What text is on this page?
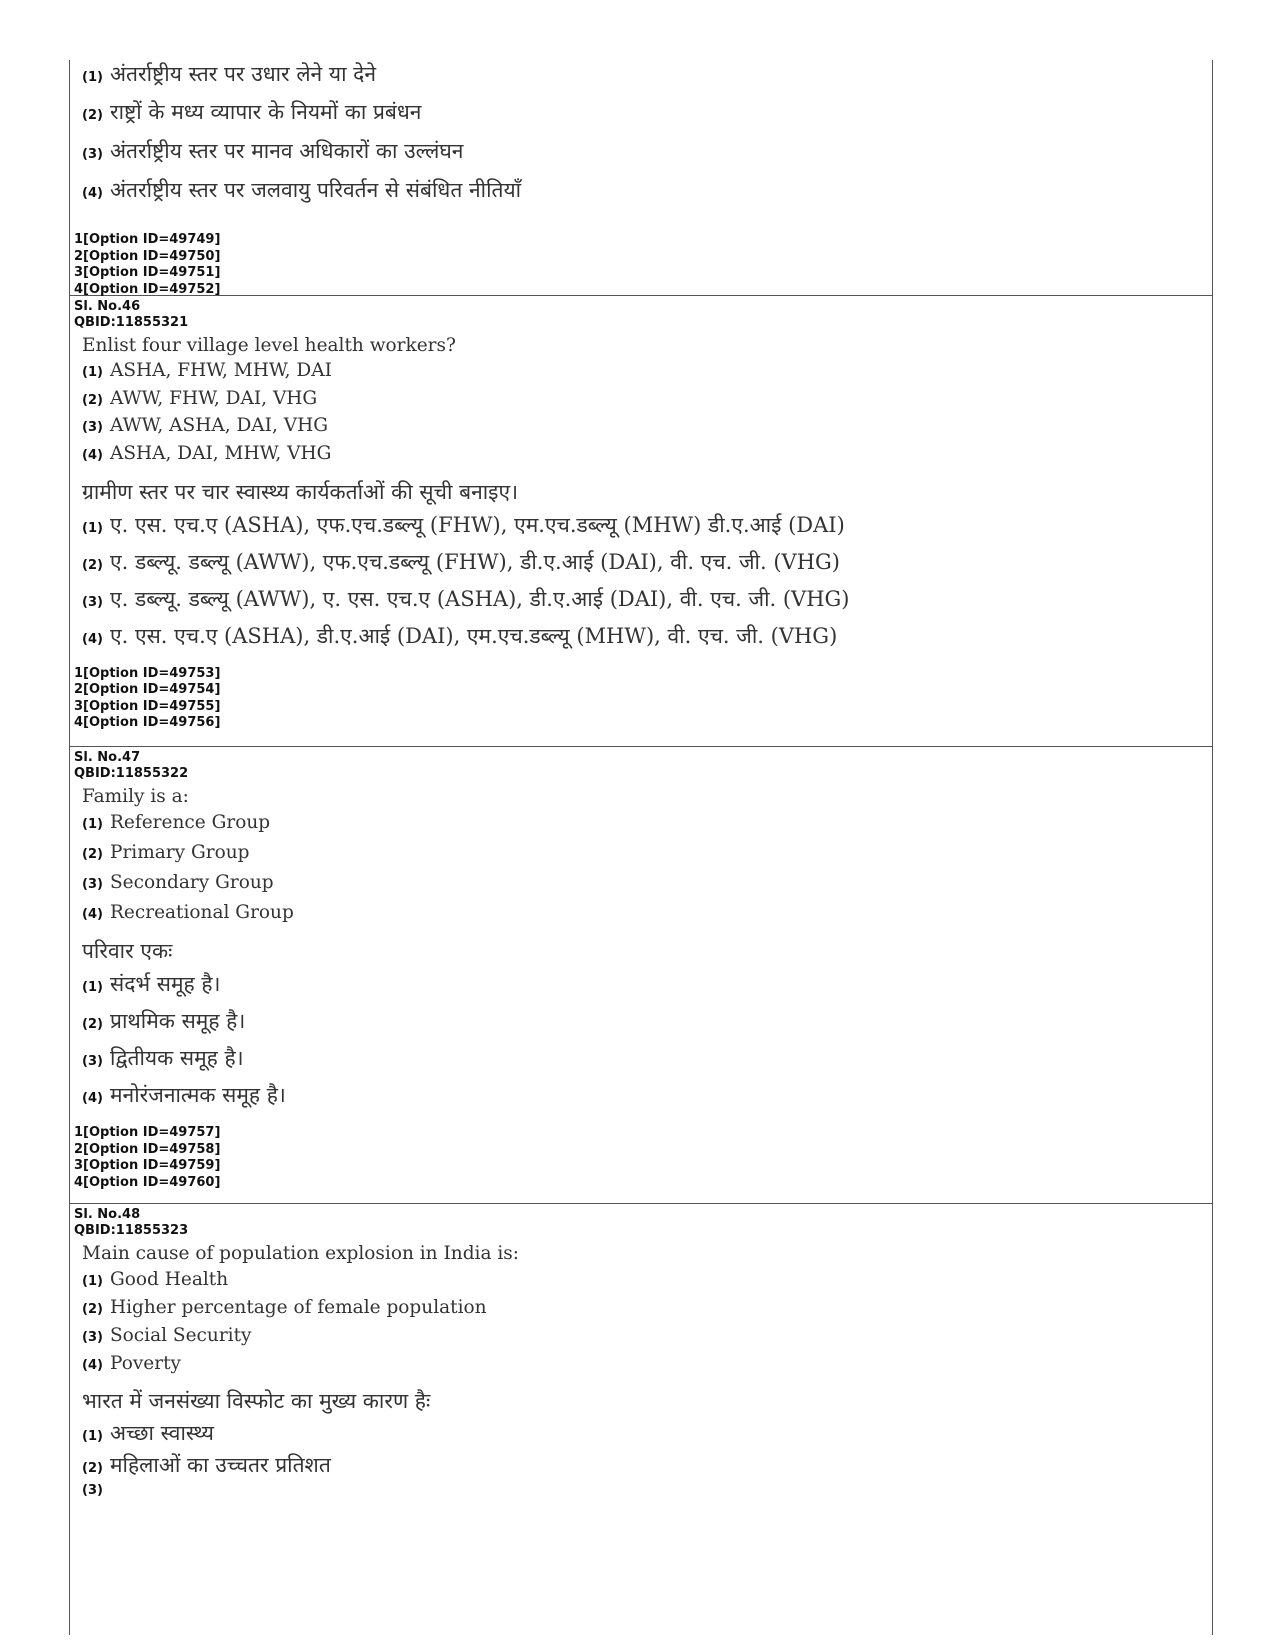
(1) अंतर्राष्ट्रीय स्तर पर उधार लेने या देने
(2) राष्ट्रों के मध्य व्यापार के नियमों का प्रबंधन
(3) अंतर्राष्ट्रीय स्तर पर मानव अधिकारों का उल्लंघन
(4) अंतर्राष्ट्रीय स्तर पर जलवायु परिवर्तन से संबंधित नीतियाँ
1[Option ID=49749]
2[Option ID=49750]
3[Option ID=49751]
4[Option ID=49752]
Sl. No.46
QBID:11855321
Enlist four village level health workers?
(1) ASHA, FHW, MHW, DAI
(2) AWW, FHW, DAI, VHG
(3) AWW, ASHA, DAI, VHG
(4) ASHA, DAI, MHW, VHG
ग्रामीण स्तर पर चार स्वास्थ्य कार्यकर्ताओं की सूची बनाइए।
(1) ए. एस. एच.ए (ASHA), एफ.एच.डब्ल्यू (FHW), एम.एच.डब्ल्यू (MHW) डी.ए.आई (DAI)
(2) ए. डब्ल्यू. डब्ल्यू (AWW), एफ.एच.डब्ल्यू (FHW), डी.ए.आई (DAI), वी. एच. जी. (VHG)
(3) ए. डब्ल्यू. डब्ल्यू (AWW), ए. एस. एच.ए (ASHA), डी.ए.आई (DAI), वी. एच. जी. (VHG)
(4) ए. एस. एच.ए (ASHA), डी.ए.आई (DAI), एम.एच.डब्ल्यू (MHW), वी. एच. जी. (VHG)
1[Option ID=49753]
2[Option ID=49754]
3[Option ID=49755]
4[Option ID=49756]
Sl. No.47
QBID:11855322
Family is a:
(1) Reference Group
(2) Primary Group
(3) Secondary Group
(4) Recreational Group
परिवार एकः
(1) संदर्भ समूह है।
(2) प्राथमिक समूह है।
(3) द्वितीयक समूह है।
(4) मनोरंजनात्मक समूह है।
1[Option ID=49757]
2[Option ID=49758]
3[Option ID=49759]
4[Option ID=49760]
Sl. No.48
QBID:11855323
Main cause of population explosion in India is:
(1) Good Health
(2) Higher percentage of female population
(3) Social Security
(4) Poverty
भारत में जनसंख्या विस्फोट का मुख्य कारण हैः
(1) अच्छा स्वास्थ्य
(2) महिलाओं का उच्चतर प्रतिशत
(3)
